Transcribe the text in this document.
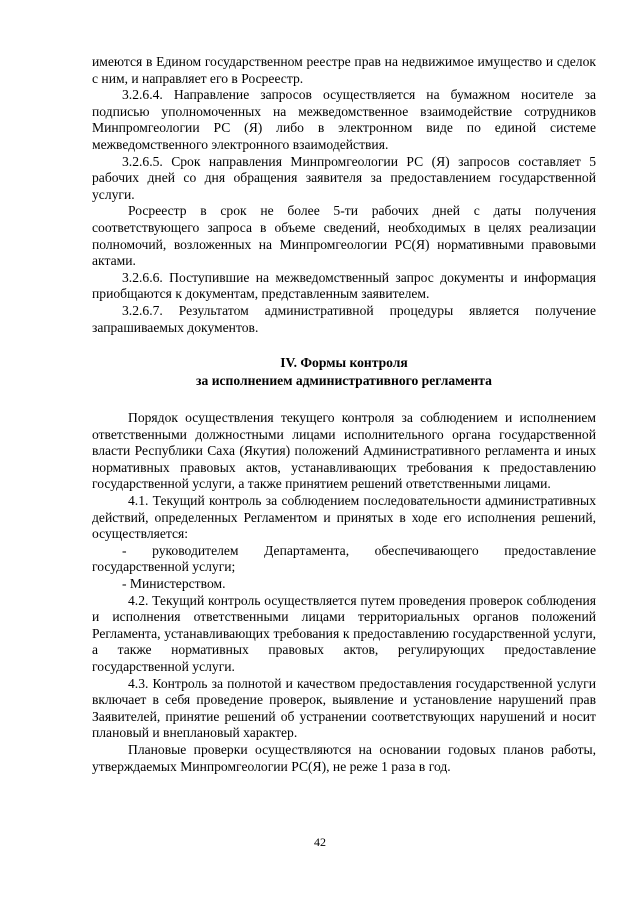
имеются в Едином государственном реестре прав на недвижимое имущество и сделок с ним, и направляет его в Росреестр.

3.2.6.4. Направление запросов осуществляется на бумажном носителе за подписью уполномоченных на межведомственное взаимодействие сотрудников Минпромгеологии РС (Я) либо в электронном виде по единой системе межведомственного электронного взаимодействия.

3.2.6.5. Срок направления Минпромгеологии РС (Я) запросов составляет 5 рабочих дней со дня обращения заявителя за предоставлением государственной услуги.

Росреестр в срок не более 5-ти рабочих дней с даты получения соответствующего запроса в объеме сведений, необходимых в целях реализации полномочий, возложенных на Минпромгеологии РС(Я) нормативными правовыми актами.

3.2.6.6. Поступившие на межведомственный запрос документы и информация приобщаются к документам, представленным заявителем.

3.2.6.7. Результатом административной процедуры является получение запрашиваемых документов.

IV. Формы контроля
за исполнением административного регламента

Порядок осуществления текущего контроля за соблюдением и исполнением ответственными должностными лицами исполнительного органа государственной власти Республики Саха (Якутия) положений Административного регламента и иных нормативных правовых актов, устанавливающих требования к предоставлению государственной услуги, а также принятием решений ответственными лицами.

4.1. Текущий контроль за соблюдением последовательности административных действий, определенных Регламентом и принятых в ходе его исполнения решений, осуществляется:

- руководителем Департамента, обеспечивающего предоставление государственной услуги;

- Министерством.

4.2. Текущий контроль осуществляется путем проведения проверок соблюдения и исполнения ответственными лицами территориальных органов положений Регламента, устанавливающих требования к предоставлению государственной услуги, а также нормативных правовых актов, регулирующих предоставление государственной услуги.

4.3. Контроль за полнотой и качеством предоставления государственной услуги включает в себя проведение проверок, выявление и установление нарушений прав Заявителей, принятие решений об устранении соответствующих нарушений и носит плановый и внеплановый характер.

Плановые проверки осуществляются на основании годовых планов работы, утверждаемых Минпромгеологии РС(Я), не реже 1 раза в год.

42
